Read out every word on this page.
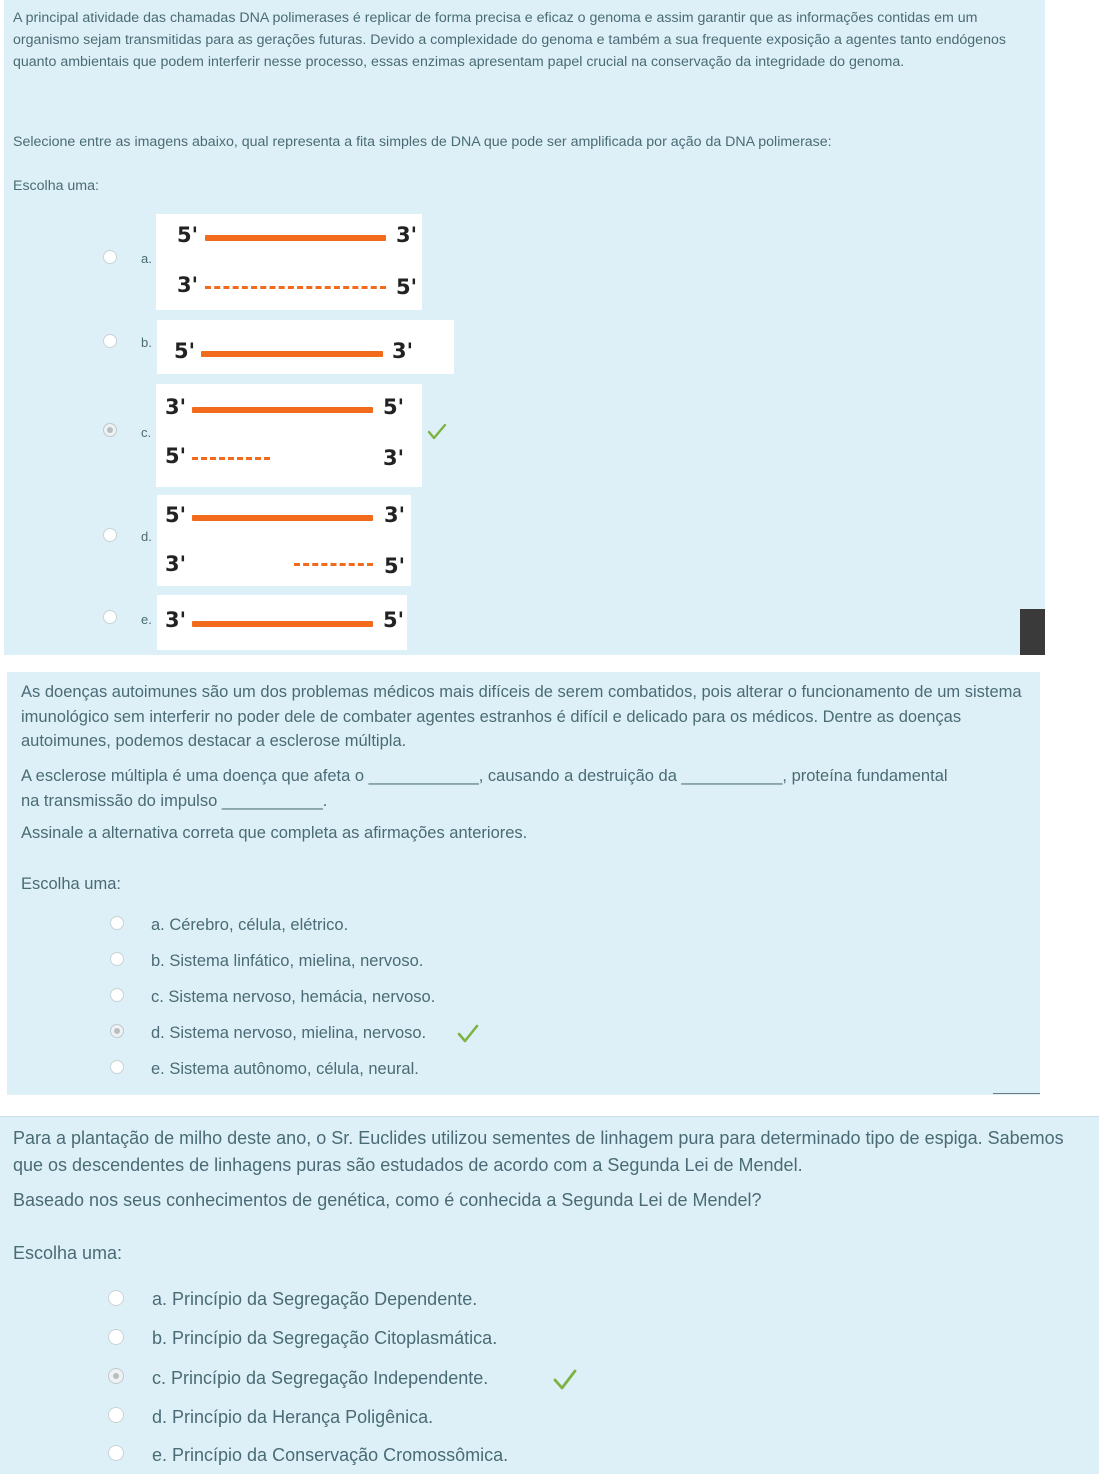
A principal atividade das chamadas DNA polimerases é replicar de forma precisa e eficaz o genoma e assim garantir que as informações contidas em um organismo sejam transmitidas para as gerações futuras. Devido a complexidade do genoma e também a sua frequente exposição a agentes tanto endógenos quanto ambientais que podem interferir nesse processo, essas enzimas apresentam papel crucial na conservação da integridade do genoma.

Selecione entre as imagens abaixo, qual representa a fita simples de DNA que pode ser amplificada por ação da DNA polimerase:

Escolha uma:

a.
5'	3'
3'	5'
b. 5'	3'
c.
3'	5'
5'	3'
d.
5'	3'
3'	5'
e. 3'	5'

As doenças autoimunes são um dos problemas médicos mais difíceis de serem combatidos, pois alterar o funcionamento de um sistema imunológico sem interferir no poder dele de combater agentes estranhos é difícil e delicado para os médicos. Dentre as doenças autoimunes, podemos destacar a esclerose múltipla.

A esclerose múltipla é uma doença que afeta o ____________, causando a destruição da ___________, proteína fundamental na transmissão do impulso ___________.

Assinale a alternativa correta que completa as afirmações anteriores.

Escolha uma:

a. Cérebro, célula, elétrico.
b. Sistema linfático, mielina, nervoso.
c. Sistema nervoso, hemácia, nervoso.
d. Sistema nervoso, mielina, nervoso.
e. Sistema autônomo, célula, neural.

Para a plantação de milho deste ano, o Sr. Euclides utilizou sementes de linhagem pura para determinado tipo de espiga. Sabemos que os descendentes de linhagens puras são estudados de acordo com a Segunda Lei de Mendel.

Baseado nos seus conhecimentos de genética, como é conhecida a Segunda Lei de Mendel?

Escolha uma:

a. Princípio da Segregação Dependente.
b. Princípio da Segregação Citoplasmática.
c. Princípio da Segregação Independente.
d. Princípio da Herança Poligênica.
e. Princípio da Conservação Cromossômica.
